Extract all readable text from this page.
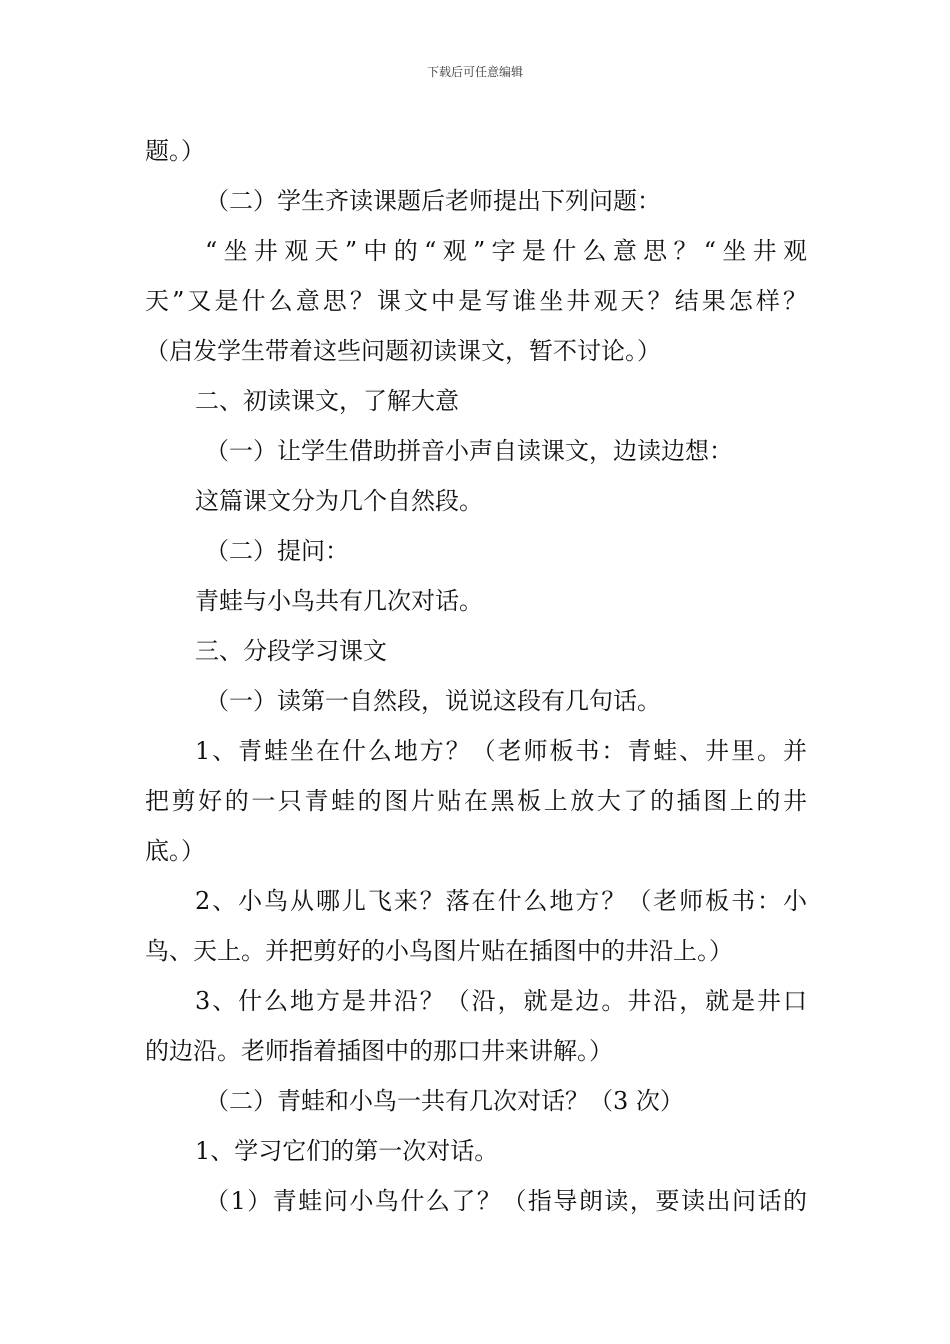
下载后可任意编辑
题。）
（二）学生齐读课题后老师提出下列问题：
“坐井观天”中的“观”字是什么意思？“坐井观
天”又是什么意思？课文中是写谁坐井观天？结果怎样？
（启发学生带着这些问题初读课文，暂不讨论。）
二、初读课文，了解大意
（一）让学生借助拼音小声自读课文，边读边想：
这篇课文分为几个自然段。
（二）提问：
青蛙与小鸟共有几次对话。
三、分段学习课文
（一）读第一自然段，说说这段有几句话。
1、青蛙坐在什么地方？（老师板书：青蛙、井里。并
把剪好的一只青蛙的图片贴在黑板上放大了的插图上的井
底。）
2、小鸟从哪儿飞来？落在什么地方？（老师板书：小
鸟、天上。并把剪好的小鸟图片贴在插图中的井沿上。）
3、什么地方是井沿？（沿，就是边。井沿，就是井口
的边沿。老师指着插图中的那口井来讲解。）
（二）青蛙和小鸟一共有几次对话？（3 次）
1、学习它们的第一次对话。
（1）青蛙问小鸟什么了？（指导朗读，要读出问话的
